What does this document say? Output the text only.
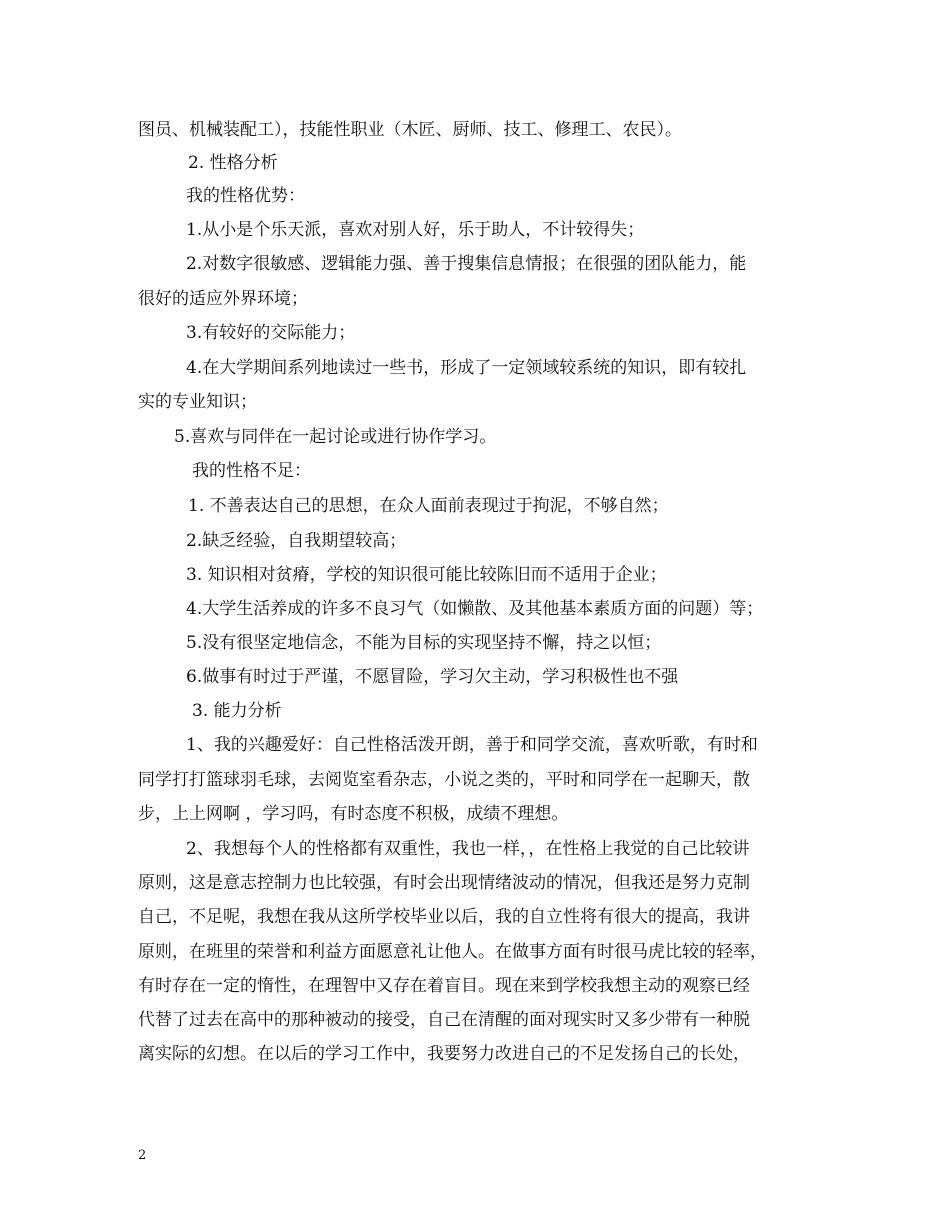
图员、机械装配工），技能性职业（木匠、厨师、技工、修理工、农民）。
2. 性格分析
我的性格优势：
1.从小是个乐天派，喜欢对别人好，乐于助人，不计较得失；
2.对数字很敏感、逻辑能力强、善于搜集信息情报；在很强的团队能力，能
很好的适应外界环境；
3.有较好的交际能力；
4.在大学期间系列地读过一些书，形成了一定领域较系统的知识，即有较扎
实的专业知识；
5.喜欢与同伴在一起讨论或进行协作学习。
我的性格不足：
1. 不善表达自己的思想，在众人面前表现过于拘泥，不够自然；
2.缺乏经验，自我期望较高；
3. 知识相对贫瘠，学校的知识很可能比较陈旧而不适用于企业；
4.大学生活养成的许多不良习气（如懒散、及其他基本素质方面的问题）等；
5.没有很坚定地信念，不能为目标的实现坚持不懈，持之以恒；
6.做事有时过于严谨，不愿冒险，学习欠主动，学习积极性也不强
3. 能力分析
1、我的兴趣爱好：自己性格活泼开朗，善于和同学交流，喜欢听歌，有时和
同学打打篮球羽毛球，去阅览室看杂志，小说之类的，平时和同学在一起聊天，散
步，上上网啊 ，学习吗，有时态度不积极，成绩不理想。
2、我想每个人的性格都有双重性，我也一样，，在性格上我觉的自己比较讲
原则，这是意志控制力也比较强，有时会出现情绪波动的情况，但我还是努力克制
自己，不足呢，我想在我从这所学校毕业以后，我的自立性将有很大的提高，我讲
原则，在班里的荣誉和利益方面愿意礼让他人。在做事方面有时很马虎比较的轻率，
有时存在一定的惰性，在理智中又存在着盲目。现在来到学校我想主动的观察已经
代替了过去在高中的那种被动的接受，自己在清醒的面对现实时又多少带有一种脱
离实际的幻想。在以后的学习工作中，我要努力改进自己的不足发扬自己的长处，
2
